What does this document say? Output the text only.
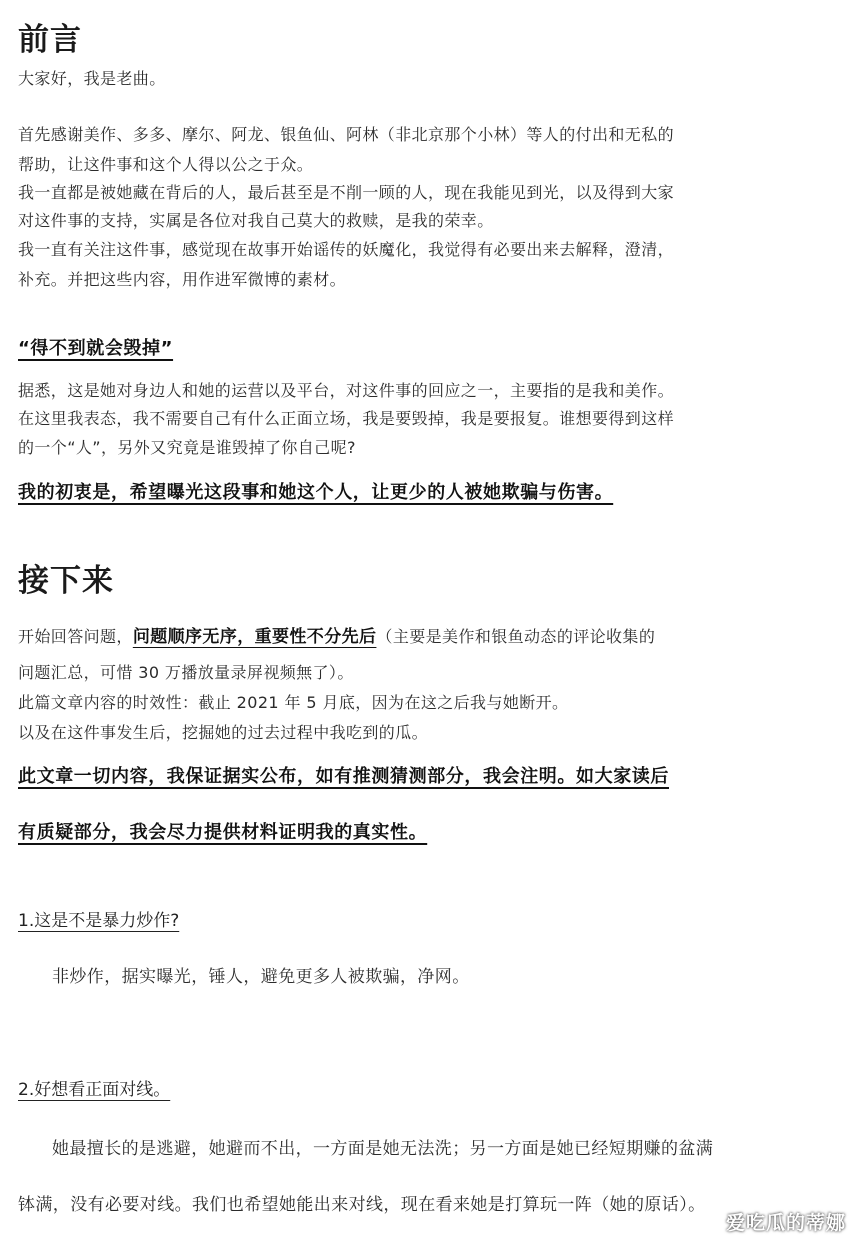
前言
大家好，我是老曲。
首先感谢美作、多多、摩尔、阿龙、银鱼仙、阿林（非北京那个小林）等人的付出和无私的
帮助，让这件事和这个人得以公之于众。
我一直都是被她藏在背后的人，最后甚至是不削一顾的人，现在我能见到光，以及得到大家
对这件事的支持，实属是各位对我自己莫大的救赎，是我的荣幸。
我一直有关注这件事，感觉现在故事开始谣传的妖魔化，我觉得有必要出来去解释，澄清，
补充。并把这些内容，用作进军微博的素材。
“得不到就会毁掉”
据悉，这是她对身边人和她的运营以及平台，对这件事的回应之一，主要指的是我和美作。
在这里我表态，我不需要自己有什么正面立场，我是要毁掉，我是要报复。谁想要得到这样
的一个“人”，另外又究竟是谁毁掉了你自己呢?
我的初衷是，希望曝光这段事和她这个人，让更少的人被她欺骗与伤害。
接下来
开始回答问题，问题顺序无序，重要性不分先后（主要是美作和银鱼动态的评论收集的
问题汇总，可惜 30 万播放量录屏视频無了）。
此篇文章内容的时效性：截止 2021 年 5 月底，因为在这之后我与她断开。
以及在这件事发生后，挖掘她的过去过程中我吃到的瓜。
此文章一切内容，我保证据实公布，如有推测猜测部分，我会注明。如大家读后
有质疑部分，我会尽力提供材料证明我的真实性。
1.这是不是暴力炒作?
非炒作，据实曝光，锤人，避免更多人被欺骗，净网。
2.好想看正面对线。
她最擅长的是逃避，她避而不出，一方面是她无法洗；另一方面是她已经短期赚的盆满
钵满，没有必要对线。我们也希望她能出来对线，现在看来她是打算玩一阵（她的原话）。
爱吃瓜的蒂娜
